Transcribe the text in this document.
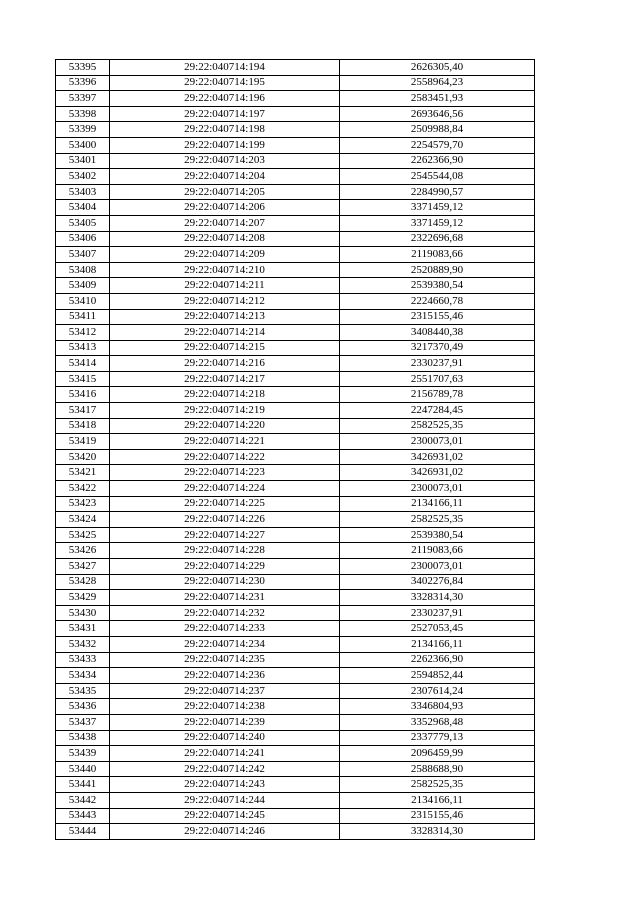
53395	29:22:040714:194	2626305,40
53396	29:22:040714:195	2558964,23
53397	29:22:040714:196	2583451,93
53398	29:22:040714:197	2693646,56
53399	29:22:040714:198	2509988,84
53400	29:22:040714:199	2254579,70
53401	29:22:040714:203	2262366,90
53402	29:22:040714:204	2545544,08
53403	29:22:040714:205	2284990,57
53404	29:22:040714:206	3371459,12
53405	29:22:040714:207	3371459,12
53406	29:22:040714:208	2322696,68
53407	29:22:040714:209	2119083,66
53408	29:22:040714:210	2520889,90
53409	29:22:040714:211	2539380,54
53410	29:22:040714:212	2224660,78
53411	29:22:040714:213	2315155,46
53412	29:22:040714:214	3408440,38
53413	29:22:040714:215	3217370,49
53414	29:22:040714:216	2330237,91
53415	29:22:040714:217	2551707,63
53416	29:22:040714:218	2156789,78
53417	29:22:040714:219	2247284,45
53418	29:22:040714:220	2582525,35
53419	29:22:040714:221	2300073,01
53420	29:22:040714:222	3426931,02
53421	29:22:040714:223	3426931,02
53422	29:22:040714:224	2300073,01
53423	29:22:040714:225	2134166,11
53424	29:22:040714:226	2582525,35
53425	29:22:040714:227	2539380,54
53426	29:22:040714:228	2119083,66
53427	29:22:040714:229	2300073,01
53428	29:22:040714:230	3402276,84
53429	29:22:040714:231	3328314,30
53430	29:22:040714:232	2330237,91
53431	29:22:040714:233	2527053,45
53432	29:22:040714:234	2134166,11
53433	29:22:040714:235	2262366,90
53434	29:22:040714:236	2594852,44
53435	29:22:040714:237	2307614,24
53436	29:22:040714:238	3346804,93
53437	29:22:040714:239	3352968,48
53438	29:22:040714:240	2337779,13
53439	29:22:040714:241	2096459,99
53440	29:22:040714:242	2588688,90
53441	29:22:040714:243	2582525,35
53442	29:22:040714:244	2134166,11
53443	29:22:040714:245	2315155,46
53444	29:22:040714:246	3328314,30
